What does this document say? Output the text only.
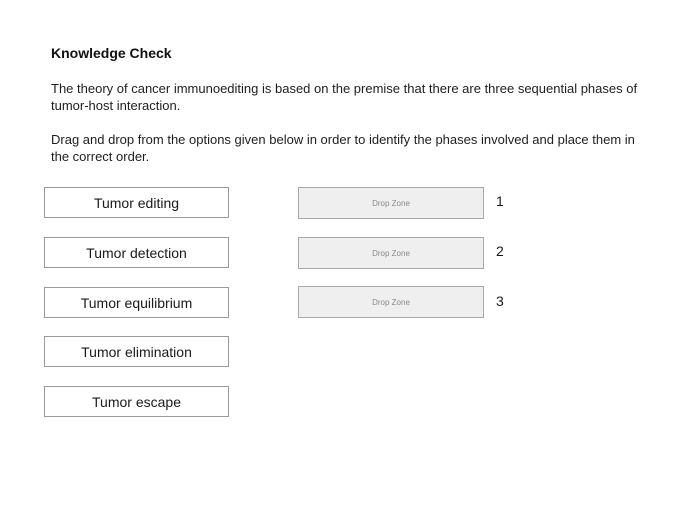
Knowledge Check
The theory of cancer immunoediting is based on the premise that there are three sequential phases of tumor-host interaction.
Drag and drop from the options given below in order to identify the phases involved and place them in the correct order.
Tumor editing
Tumor detection
Tumor equilibrium
Tumor elimination
Tumor escape
Drop Zone
Drop Zone
Drop Zone
1
2
3
